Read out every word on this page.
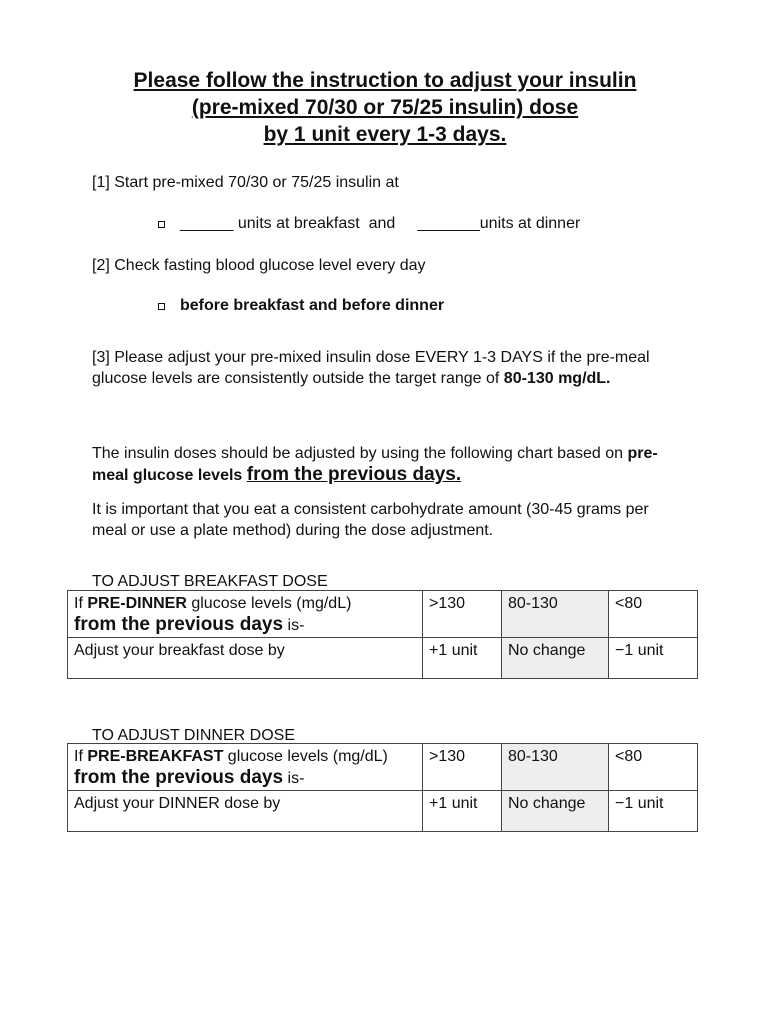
Please follow the instruction to adjust your insulin
(pre-mixed 70/30 or 75/25 insulin) dose
by 1 unit every 1-3 days.
[1] Start pre-mixed 70/30 or 75/25 insulin at
______ units at breakfast  and     _______units at dinner
[2] Check fasting blood glucose level every day
before breakfast and before dinner
[3] Please adjust your pre-mixed insulin dose EVERY 1-3 DAYS if the pre-meal glucose levels are consistently outside the target range of 80-130 mg/dL.
The insulin doses should be adjusted by using the following chart based on pre-meal glucose levels from the previous days.
It is important that you eat a consistent carbohydrate amount (30-45 grams per meal or use a plate method) during the dose adjustment.
TO ADJUST BREAKFAST DOSE
If PRE-DINNER glucose levels (mg/dL)
from the previous days is-	>130	80-130	<80
Adjust your breakfast dose by	+1 unit	No change	−1 unit
TO ADJUST DINNER DOSE
If PRE-BREAKFAST glucose levels (mg/dL) from the previous days is-	>130	80-130	<80
Adjust your DINNER dose by	+1 unit	No change	−1 unit
